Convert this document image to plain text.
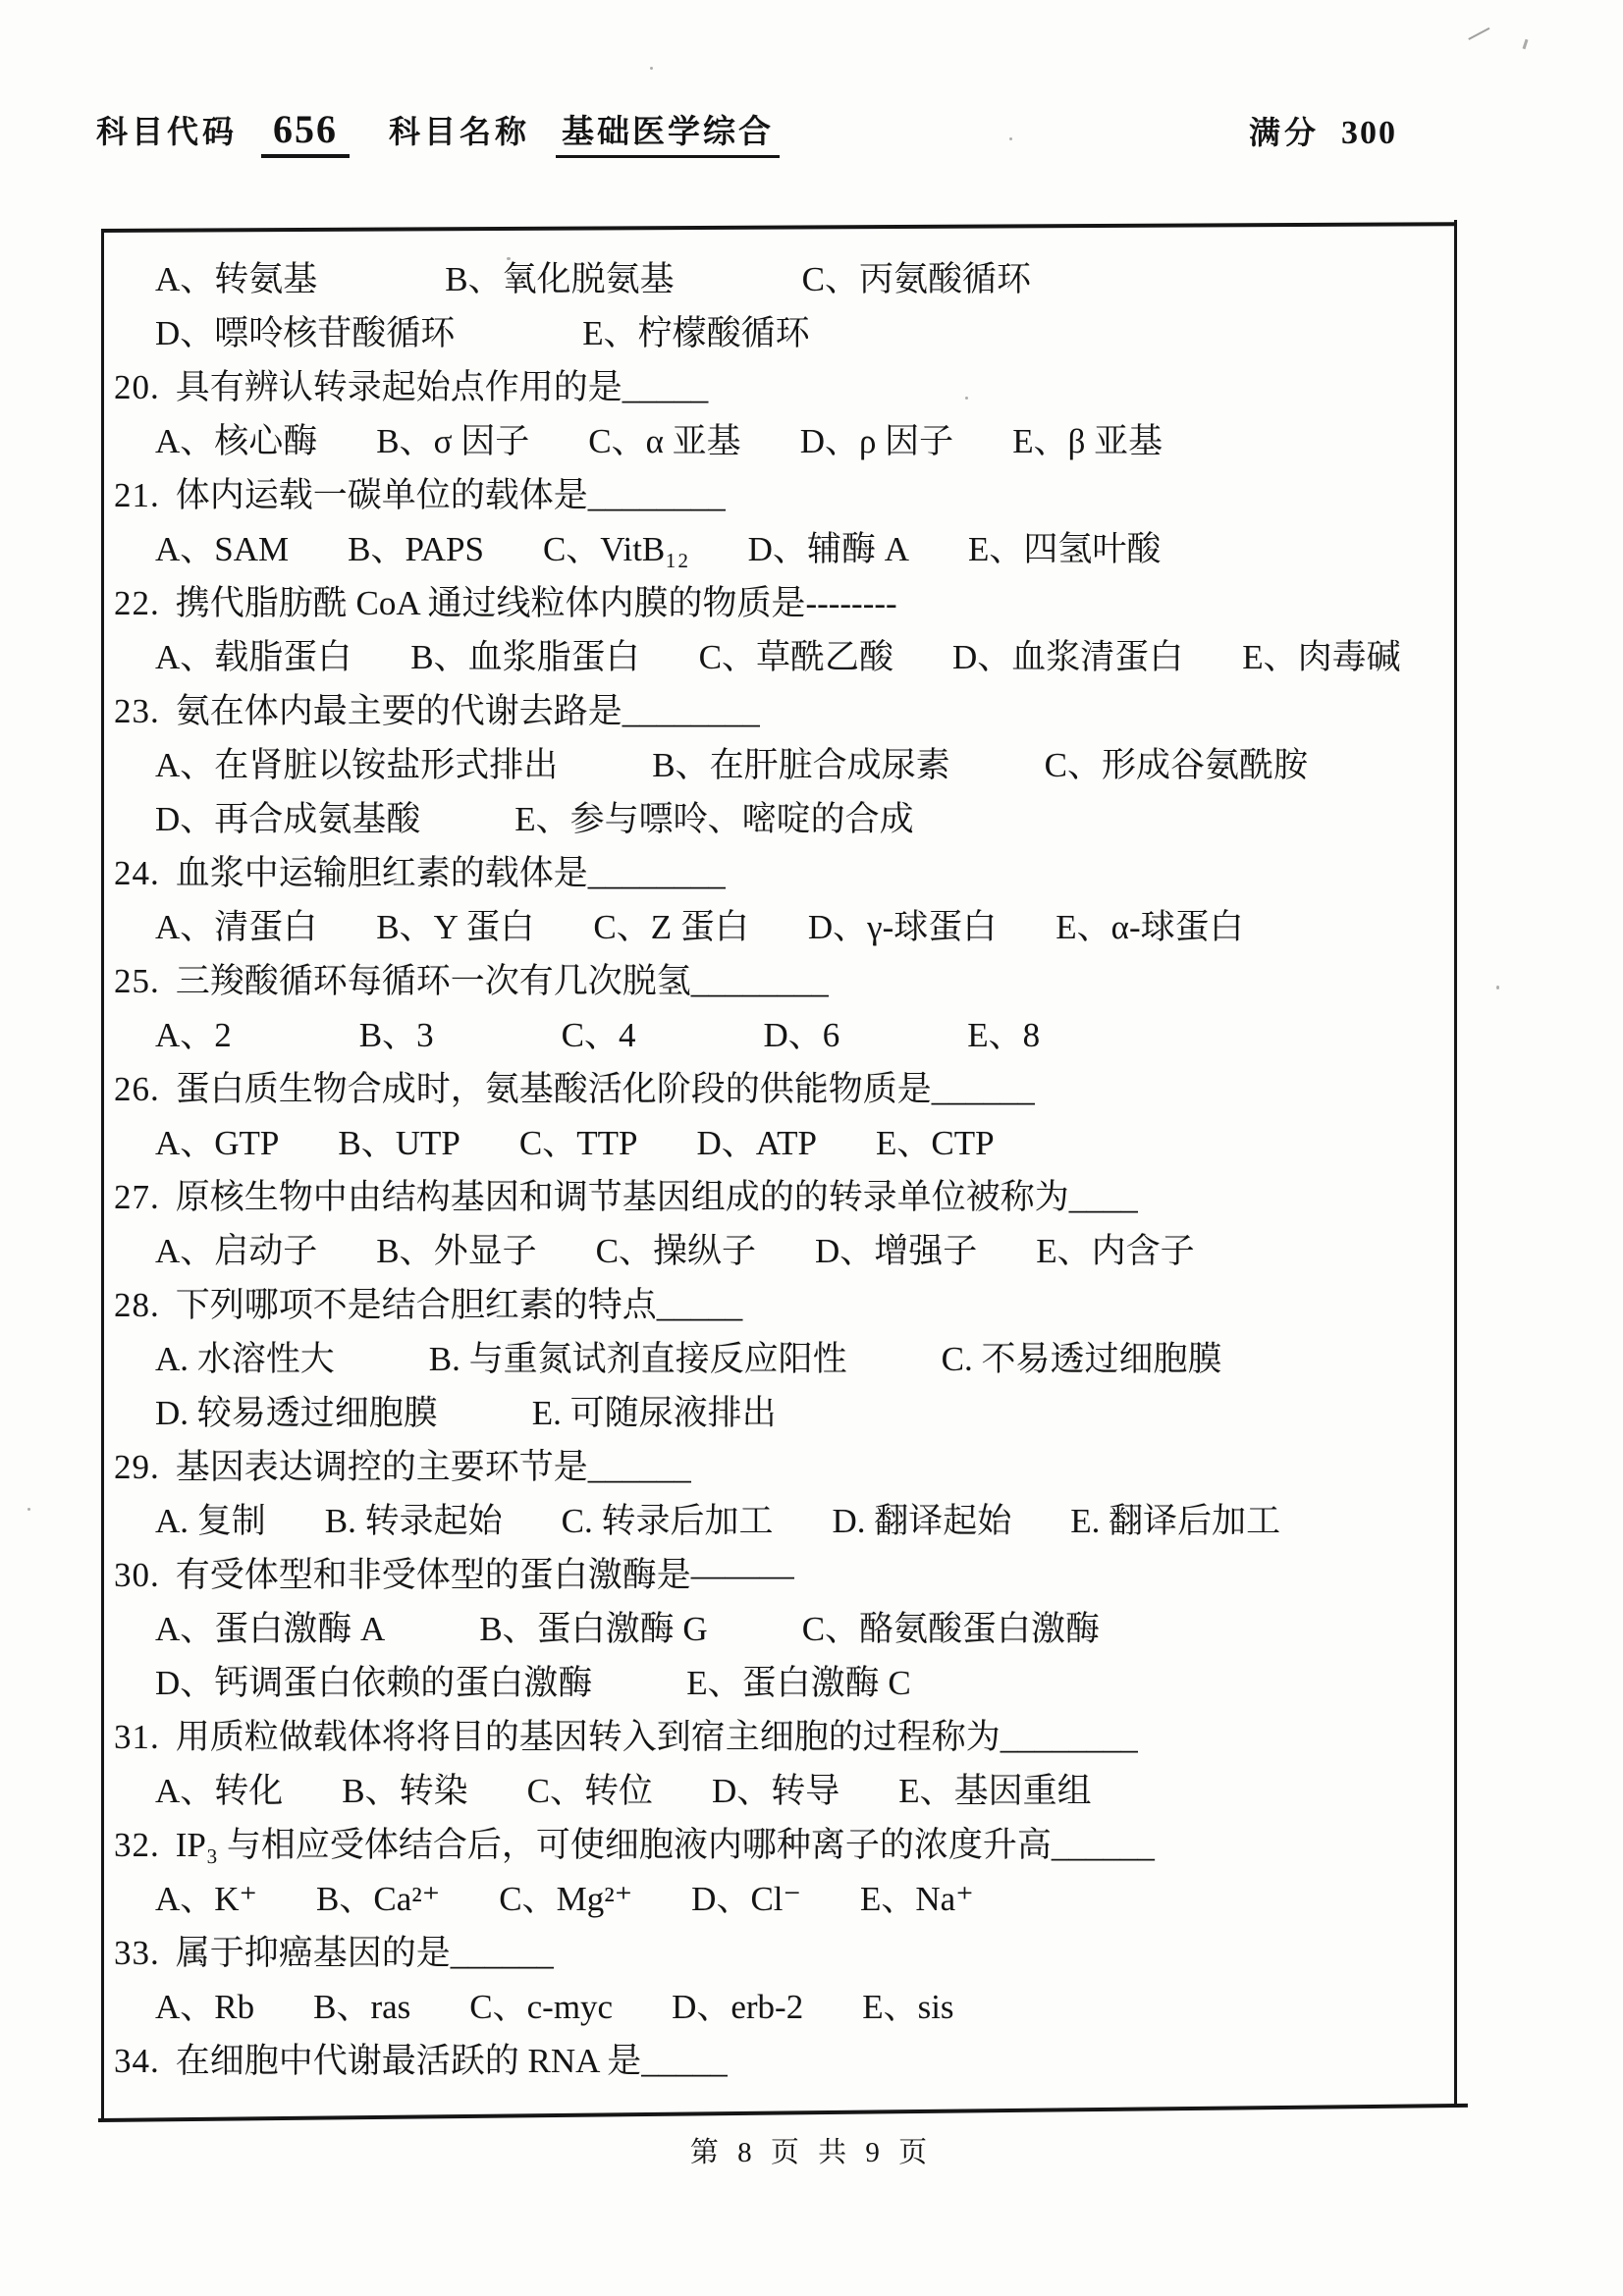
科目代码 656	科目名称 基础医学综合	满分 300
A、转氨基	B、氧化脱氨基	C、丙氨酸循环
D、嘌呤核苷酸循环	E、柠檬酸循环
20. 具有辨认转录起始点作用的是_____
A、核心酶 B、σ 因子 C、α 亚基 D、ρ 因子 E、β 亚基
21. 体内运载一碳单位的载体是________
A、SAM B、PAPS C、VitB₁₂ D、辅酶 A E、四氢叶酸
22. 携代脂肪酰 CoA 通过线粒体内膜的物质是--------
A、载脂蛋白 B、血浆脂蛋白 C、草酰乙酸 D、血浆清蛋白 E、肉毒碱
23. 氨在体内最主要的代谢去路是________
A、在肾脏以铵盐形式排出	B、在肝脏合成尿素	C、形成谷氨酰胺
D、再合成氨基酸	E、参与嘌呤、嘧啶的合成
24. 血浆中运输胆红素的载体是________
A、清蛋白 B、Y 蛋白 C、Z 蛋白 D、γ-球蛋白 E、α-球蛋白
25. 三羧酸循环每循环一次有几次脱氢________
A、2	B、3	C、4	D、6	E、8
26. 蛋白质生物合成时，氨基酸活化阶段的供能物质是______
A、GTP B、UTP C、TTP D、ATP E、CTP
27. 原核生物中由结构基因和调节基因组成的的转录单位被称为____
A、启动子 B、外显子 C、操纵子 D、增强子 E、内含子
28. 下列哪项不是结合胆红素的特点_____
A. 水溶性大	B. 与重氮试剂直接反应阳性	C. 不易透过细胞膜
D. 较易透过细胞膜	E. 可随尿液排出
29. 基因表达调控的主要环节是______
A. 复制 B. 转录起始 C. 转录后加工 D. 翻译起始 E. 翻译后加工
30. 有受体型和非受体型的蛋白激酶是———
A、蛋白激酶 A	B、蛋白激酶 G	C、酪氨酸蛋白激酶
D、钙调蛋白依赖的蛋白激酶	E、蛋白激酶 C
31. 用质粒做载体将将目的基因转入到宿主细胞的过程称为________
A、转化 B、转染 C、转位 D、转导 E、基因重组
32. IP₃ 与相应受体结合后，可使细胞液内哪种离子的浓度升高______
A、K⁺ B、Ca²⁺ C、Mg²⁺ D、Cl⁻ E、Na⁺
33. 属于抑癌基因的是______
A、Rb B、ras C、c-myc D、erb-2 E、sis
34. 在细胞中代谢最活跃的 RNA 是_____
第 8 页 共 9 页
